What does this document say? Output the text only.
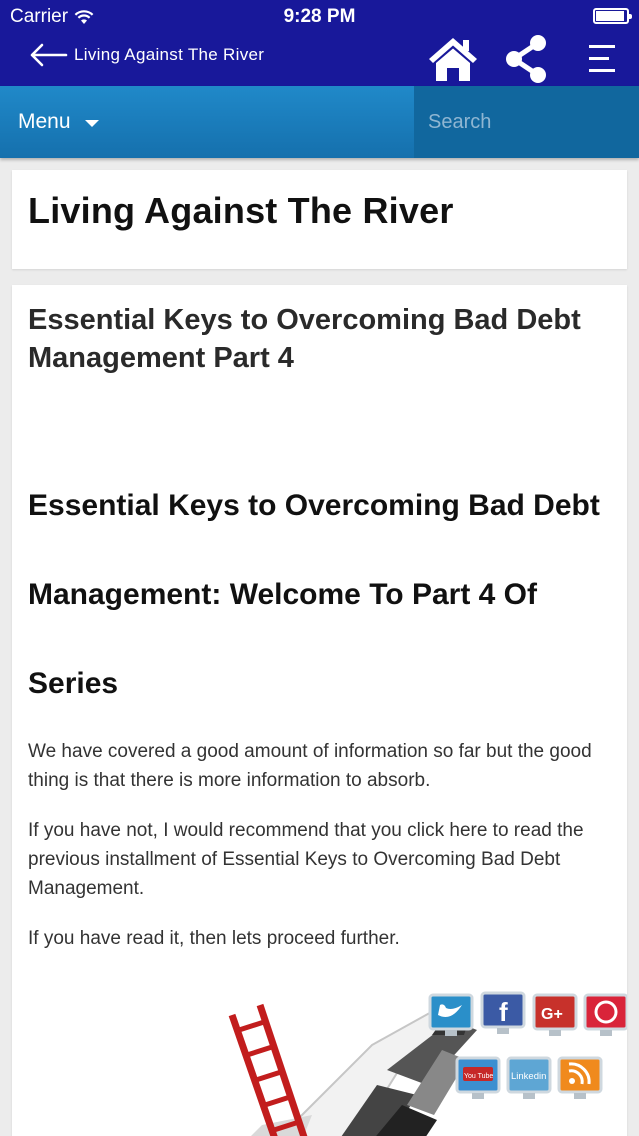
Carrier	9:28 PM
Living Against The River
Menu
Search
Living Against The River
Essential Keys to Overcoming Bad Debt Management Part 4
Essential Keys to Overcoming Bad Debt Management: Welcome To Part 4 Of Series

We have covered a good amount of information so far but the good thing is that there is more information to absorb.

If you have not, I would recommend that you click here to read the previous installment of Essential Keys to Overcoming Bad Debt Management.

If you have read it, then lets proceed further.

f G+
You Tube Linkedin
